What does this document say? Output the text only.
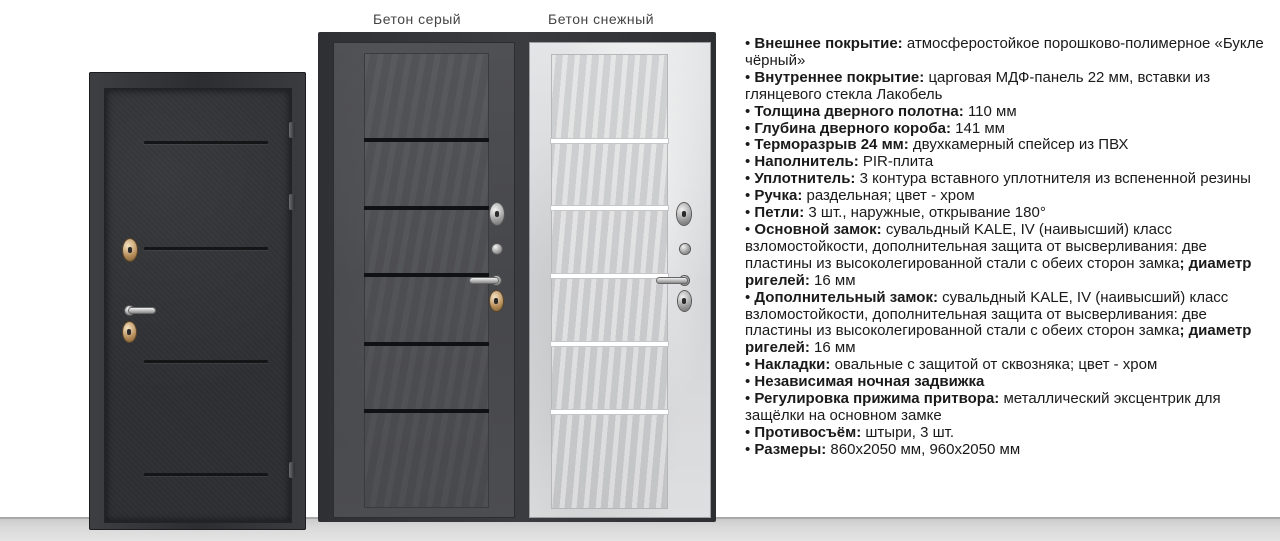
Бетон серый	Бетон снежный

• Внешнее покрытие: атмосферостойкое порошково-полимерное «Букле чёрный»

• Внутреннее покрытие: царговая МДФ-панель 22 мм, вставки из глянцевого стекла Лакобель

• Толщина дверного полотна: 110 мм

• Глубина дверного короба: 141 мм

• Терморазрыв 24 мм: двухкамерный спейсер из ПВХ

• Наполнитель: PIR-плита

• Уплотнитель: 3 контура вставного уплотнителя из вспененной резины

• Ручка: раздельная; цвет - хром

• Петли: 3 шт., наружные, открывание 180°

• Основной замок: сувальдный KALE, IV (наивысший) класс взломостойкости, дополнительная защита от высверливания: две пластины из высоколегированной стали с обеих сторон замка; диаметр ригелей: 16 мм

• Дополнительный замок: сувальдный KALE, IV (наивысший) класс взломостойкости, дополнительная защита от высверливания: две пластины из высоколегированной стали с обеих сторон замка; диаметр ригелей: 16 мм

• Накладки: овальные с защитой от сквозняка; цвет - хром

• Независимая ночная задвижка

• Регулировка прижима притвора: металлический эксцентрик для защёлки на основном замке

• Противосъём: штыри, 3 шт.

• Размеры: 860х2050 мм, 960х2050 мм
